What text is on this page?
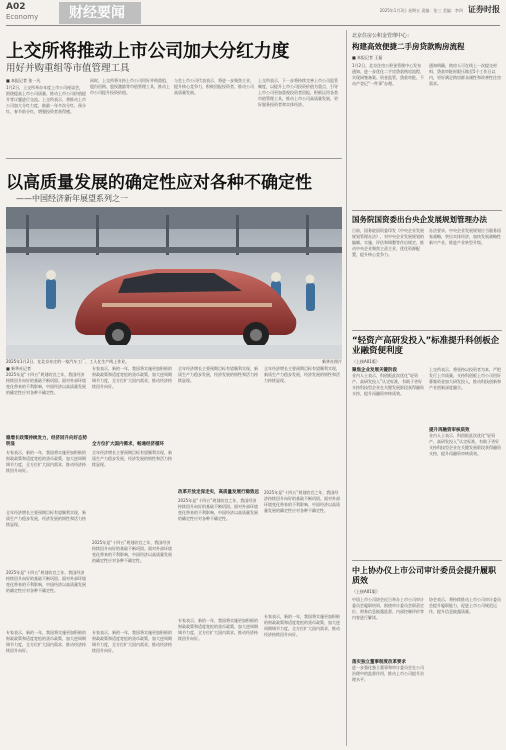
A02
Economy	财经要闻	2025年1月3日 星期五 责编：张三 美编：李四 证券时报
上交所将推动上市公司加大分红力度
用好并购重组等市值管理工具
■ 本报记者 张一凡
1月2日，上交所举办年度上市公司座谈会，围绕提高上市公司质量、推动上市公司价值提升等议题进行交流。上交所表示，将推动上市公司加大分红力度，鼓励一年多次分红、预分红、春节前分红，增强投资者获得感。
同时，上交所将支持上市公司用好并购重组、股份回购、股权激励等市值管理工具，推动上市公司提升投资价值。
与会上市公司代表表示，将进一步聚焦主业，提升核心竞争力，积极回报投资者，推动公司高质量发展。
上交所表示，下一步将持续完善上市公司监管制度，以提升上市公司投资价值为重点，引导上市公司更加重视投资者回报，积极运用各类市值管理工具，推动上市公司高质量发展，更好服务投资者和实体经济。
以高质量发展的确定性应对各种不确定性
——中国经济新年展望系列之一
2025年1月2日，在北京亦庄的一家汽车工厂，工人在生产线上作业。	新华社图片
■ 新华社记者
2025年是“十四五”规划收官之年，我国经济持续回升向好的基础不断巩固。面对外部环境变化带来的不利影响，中国经济以高质量发展的确定性应对各种不确定性。
稳增长政策持续发力，经济回升向好态势明显
专家表示，新的一年，我国将实施更加积极的财政政策和适度宽松的货币政策，加大逆周期调节力度，全方位扩大国内需求，推动经济持续回升向好。
全年经济增长主要预期目标有望顺利实现，新质生产力稳步发展，经济发展的韧性和活力持续显现。
2025年是“十四五”规划收官之年，我国经济持续回升向好的基础不断巩固。面对外部环境变化带来的不利影响，中国经济以高质量发展的确定性应对各种不确定性。
专家表示，新的一年，我国将实施更加积极的财政政策和适度宽松的货币政策，加大逆周期调节力度，全方位扩大国内需求，推动经济持续回升向好。
专家表示，新的一年，我国将实施更加积极的财政政策和适度宽松的货币政策，加大逆周期调节力度，全方位扩大国内需求，推动经济持续回升向好。
全方位扩大国内需求，畅通经济循环
全年经济增长主要预期目标有望顺利实现，新质生产力稳步发展，经济发展的韧性和活力持续显现。
2025年是“十四五”规划收官之年，我国经济持续回升向好的基础不断巩固。面对外部环境变化带来的不利影响，中国经济以高质量发展的确定性应对各种不确定性。
专家表示，新的一年，我国将实施更加积极的财政政策和适度宽松的货币政策，加大逆周期调节力度，全方位扩大国内需求，推动经济持续回升向好。
全年经济增长主要预期目标有望顺利实现，新质生产力稳步发展，经济发展的韧性和活力持续显现。
改革开放走深走实，高质量发展行稳致远
2025年是“十四五”规划收官之年，我国经济持续回升向好的基础不断巩固。面对外部环境变化带来的不利影响，中国经济以高质量发展的确定性应对各种不确定性。
专家表示，新的一年，我国将实施更加积极的财政政策和适度宽松的货币政策，加大逆周期调节力度，全方位扩大国内需求，推动经济持续回升向好。
全年经济增长主要预期目标有望顺利实现，新质生产力稳步发展，经济发展的韧性和活力持续显现。
2025年是“十四五”规划收官之年，我国经济持续回升向好的基础不断巩固。面对外部环境变化带来的不利影响，中国经济以高质量发展的确定性应对各种不确定性。
专家表示，新的一年，我国将实施更加积极的财政政策和适度宽松的货币政策，加大逆周期调节力度，全方位扩大国内需求，推动经济持续回升向好。
北京住房公积金管理中心：
构建高效便捷二手房贷款购房流程
■ 本报记者 王磊
1月2日，北京住房公积金管理中心发布通知，进一步优化二手房贷款购房流程，实现网签备案、资金监管、贷款审批、不动产登记“一件事”办理。
通知明确，购房人可在线上一次提交材料，贷款审批时限压缩至5个工作日以内，更好满足购房群众刚性和改善性住房需求。
国务院国资委出台央企发展规划管理办法
日前，国务院国资委印发《中央企业发展规划管理办法》，对中央企业发展规划的编制、实施、评估和调整等作出规定，推动中央企业聚焦主责主业，优化资源配置，提升核心竞争力。
办法要求，中央企业发展规划应当服务国家战略，突出实体经济，加快发展战略性新兴产业，推进产业转型升级。
“轻资产高研发投入”标准提升科创板企业融资便利度
（上接A01版）
聚焦企业发展关键阶段
业内人士表示，科创板此次优化“轻资产、高研发投入”认定标准，有助于更好支持科技型企业在关键发展阶段获得融资支持，提升再融资审核质效。
上交所表示，将坚持以投资者为本，严把发行上市质量，支持科创板上市公司用好募集资金加大研发投入，推动科技创新和产业创新深度融合。
提升再融资审核质效
业内人士表示，科创板此次优化“轻资产、高研发投入”认定标准，有助于更好支持科技型企业在关键发展阶段获得融资支持，提升再融资审核质效。
中上协办仪上市公司审计委员会提升履职质效
（上接A01版）
中国上市公司协会近日举办上市公司审计委员会履职培训，围绕审计委员会职责定位、财务信息披露监督、内部控制评价等内容进行解读。
落实独立董事制度改革要求
进一步强化独立董事和审计委员会在公司治理中的监督作用，推动上市公司提升治理水平。
协会表示，将持续推动上市公司审计委员会提升履职能力，促进上市公司规范运作，提升信息披露质量。
